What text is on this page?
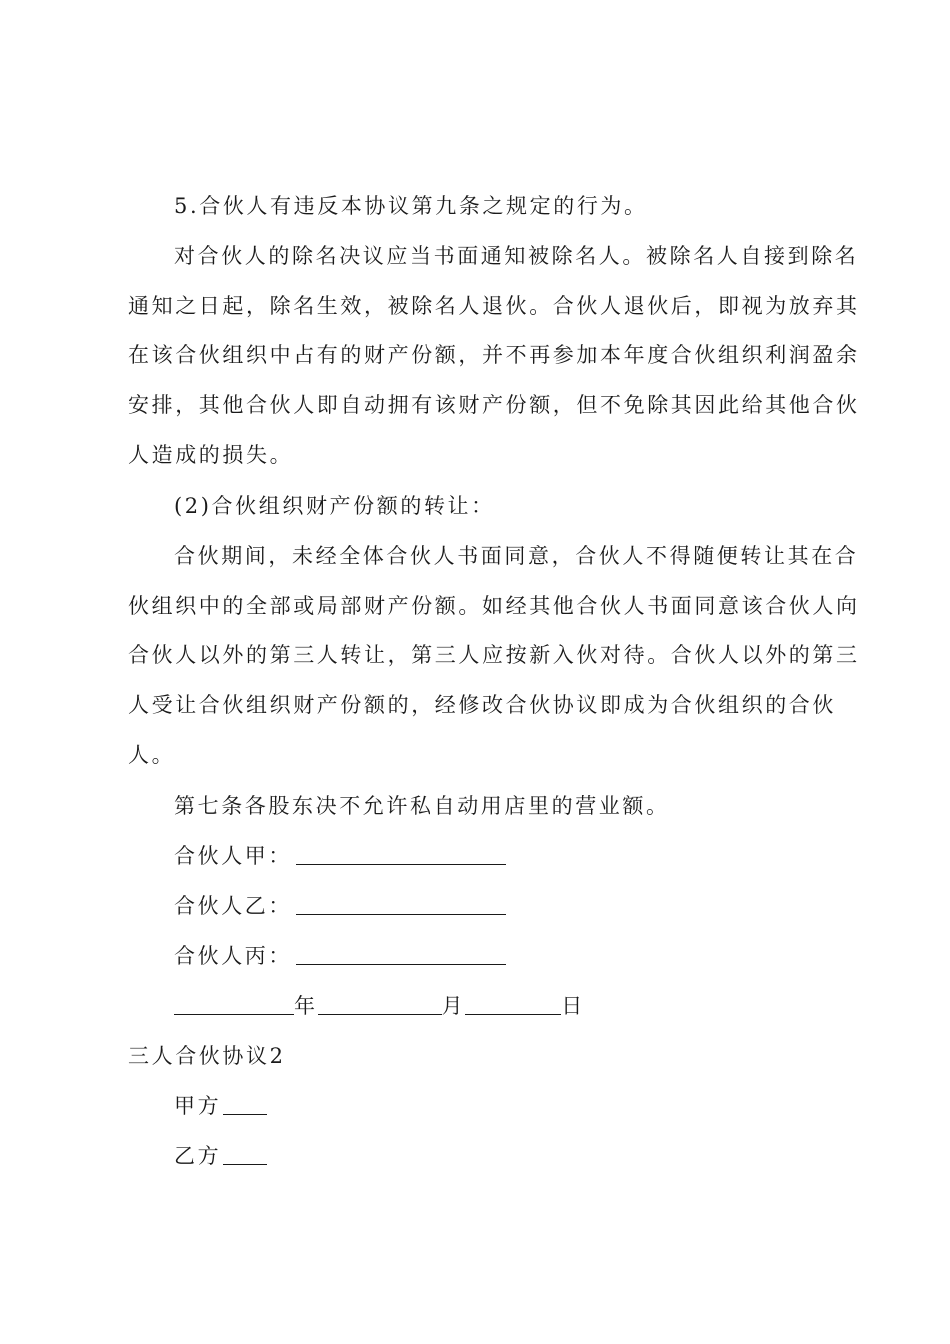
5.合伙人有违反本协议第九条之规定的行为。
对合伙人的除名决议应当书面通知被除名人。被除名人自接到除名
通知之日起，除名生效，被除名人退伙。合伙人退伙后，即视为放弃其
在该合伙组织中占有的财产份额，并不再参加本年度合伙组织利润盈余
安排，其他合伙人即自动拥有该财产份额，但不免除其因此给其他合伙
人造成的损失。
(2)合伙组织财产份额的转让：
合伙期间，未经全体合伙人书面同意，合伙人不得随便转让其在合
伙组织中的全部或局部财产份额。如经其他合伙人书面同意该合伙人向
合伙人以外的第三人转让，第三人应按新入伙对待。合伙人以外的第三
人受让合伙组织财产份额的，经修改合伙协议即成为合伙组织的合伙
人。
第七条各股东决不允许私自动用店里的营业额。
合伙人甲：
合伙人乙：
合伙人丙：
年	月	日
三人合伙协议2
甲方
乙方
